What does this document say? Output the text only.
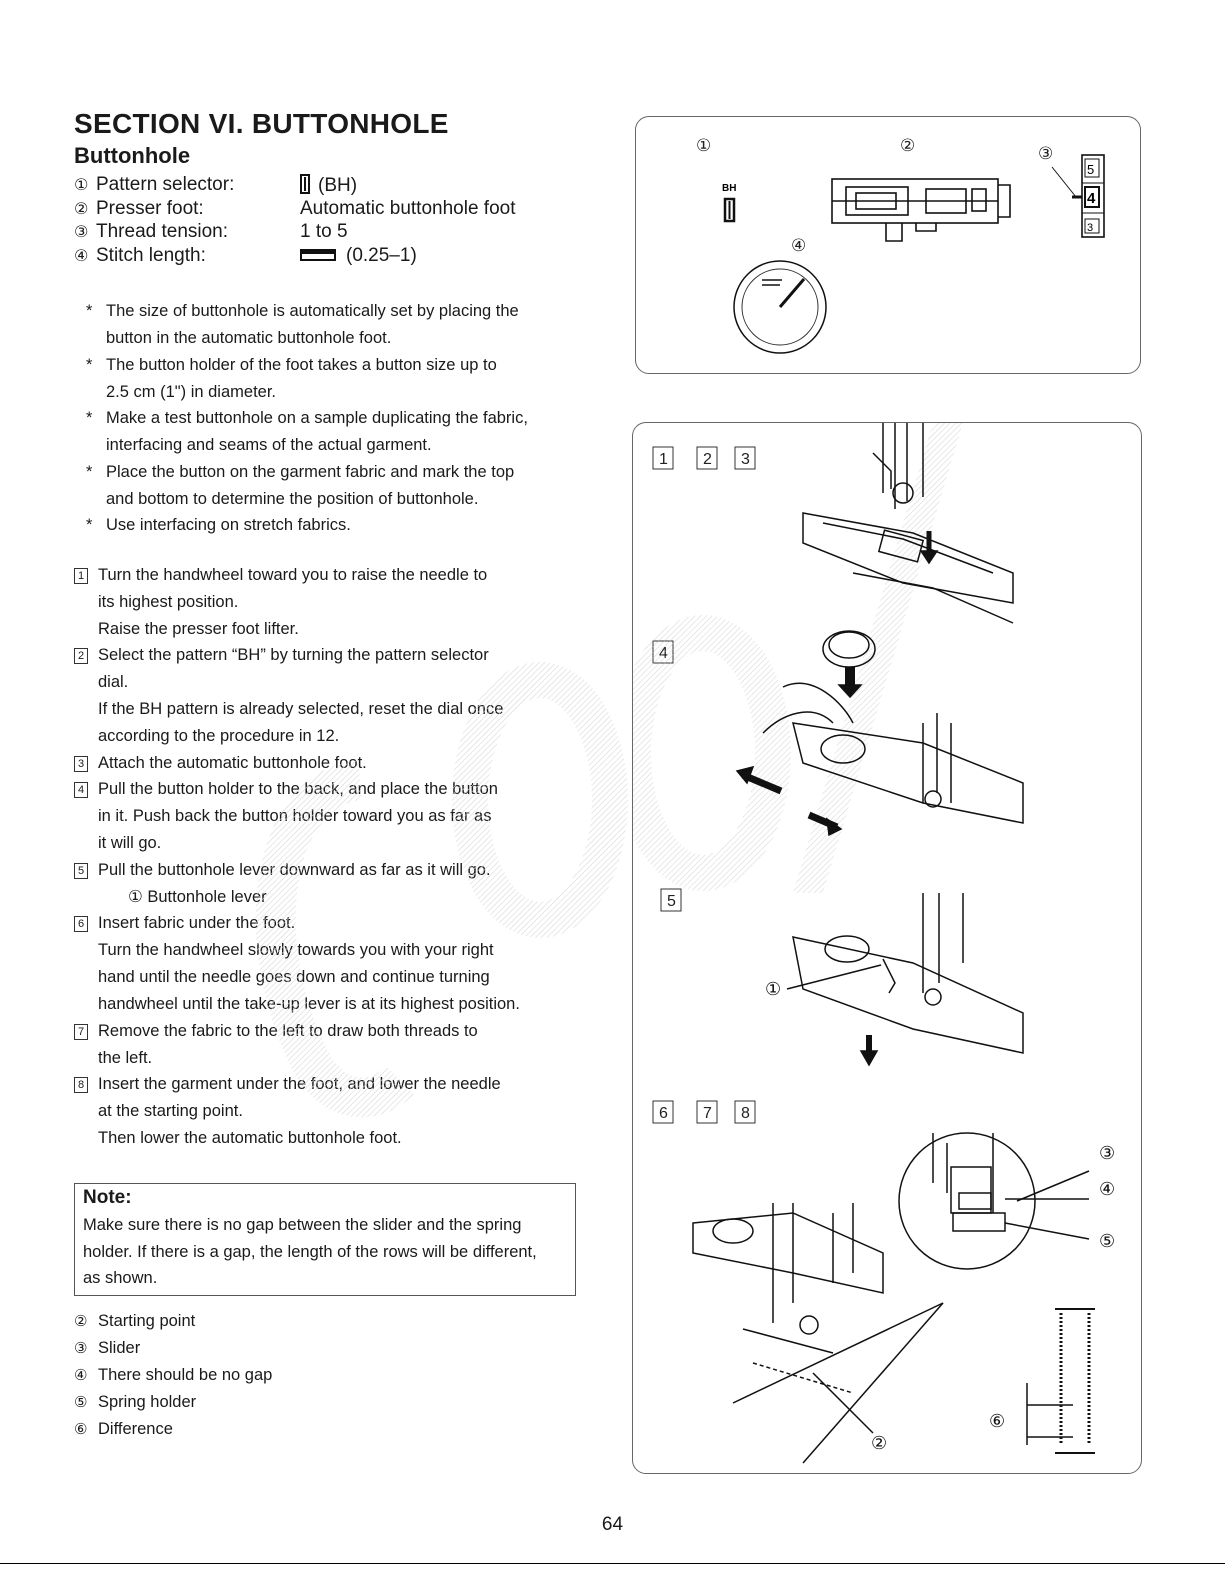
SECTION VI. BUTTONHOLE
Buttonhole
① Pattern selector:	(BH)
② Presser foot:	Automatic buttonhole foot
③ Thread tension:	1 to 5
④ Stitch length:	(0.25–1)
* The size of buttonhole is automatically set by placing the
button in the automatic buttonhole foot.
* The button holder of the foot takes a button size up to
2.5 cm (1") in diameter.
* Make a test buttonhole on a sample duplicating the fabric,
interfacing and seams of the actual garment.
* Place the button on the garment fabric and mark the top
and bottom to determine the position of buttonhole.
* Use interfacing on stretch fabrics.
1 Turn the handwheel toward you to raise the needle to
its highest position.
Raise the presser foot lifter.
2 Select the pattern “BH” by turning the pattern selector
dial.
If the BH pattern is already selected, reset the dial once
according to the procedure in 12.
3 Attach the automatic buttonhole foot.
4 Pull the button holder to the back, and place the button
in it. Push back the button holder toward you as far as
it will go.
5 Pull the buttonhole lever downward as far as it will go.
① Buttonhole lever
6 Insert fabric under the foot.
Turn the handwheel slowly towards you with your right
hand until the needle goes down and continue turning
handwheel until the take-up lever is at its highest position.
7 Remove the fabric to the left to draw both threads to
the left.
8 Insert the garment under the foot, and lower the needle
at the starting point.
Then lower the automatic buttonhole foot.
Note:
Make sure there is no gap between the slider and the spring
holder. If there is a gap, the length of the rows will be different,
as shown.
② Starting point
③ Slider
④ There should be no gap
⑤ Spring holder
⑥ Difference
①	②	③
④
BH
5
4
3
1 2 3
4
5
6 7 8
①
②
③
④
⑤
⑥
64
